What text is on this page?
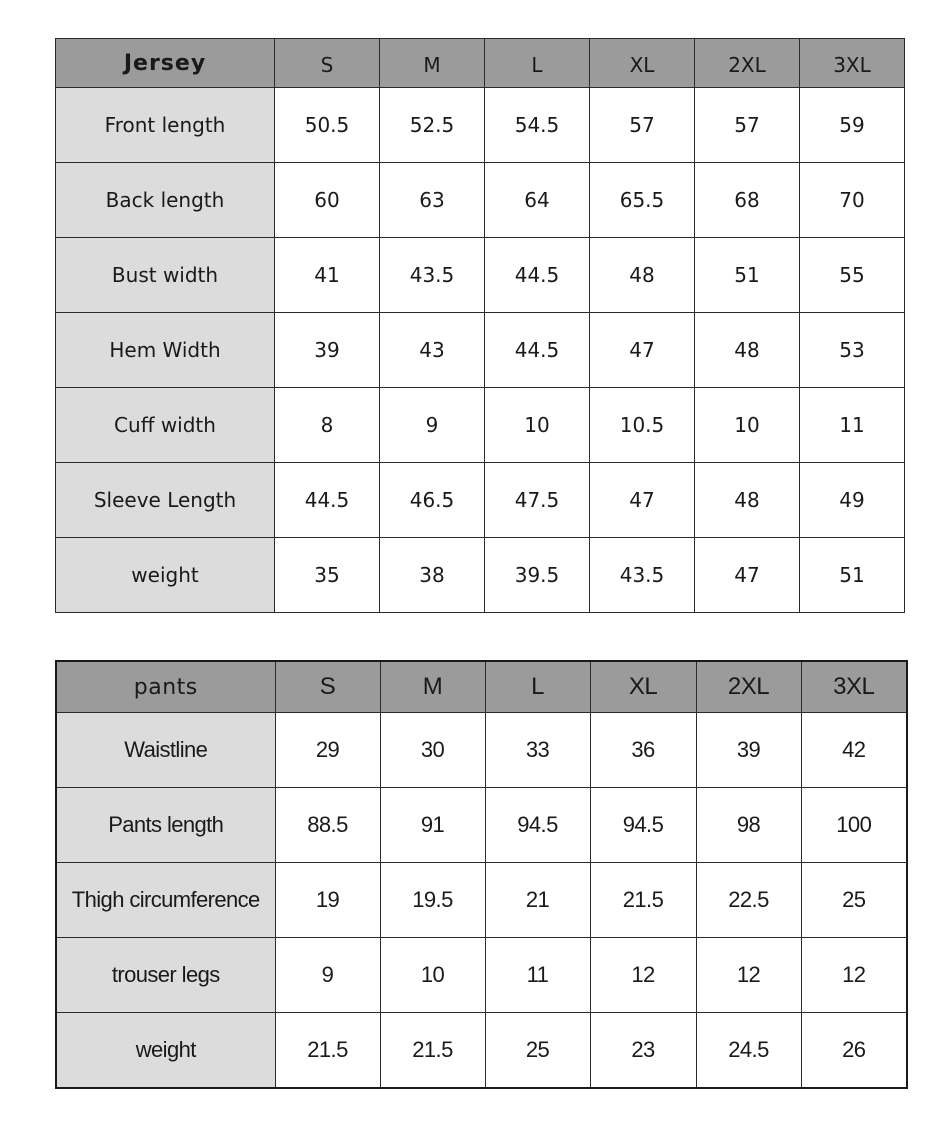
Jersey	S	M	L	XL	2XL	3XL
Front length	50.5	52.5	54.5	57	57	59
Back length	60	63	64	65.5	68	70
Bust width	41	43.5	44.5	48	51	55
Hem Width	39	43	44.5	47	48	53
Cuff width	8	9	10	10.5	10	11
Sleeve Length	44.5	46.5	47.5	47	48	49
weight	35	38	39.5	43.5	47	51
pants	S	M	L	XL	2XL	3XL
Waistline	29	30	33	36	39	42
Pants length	88.5	91	94.5	94.5	98	100
Thigh circumference	19	19.5	21	21.5	22.5	25
trouser legs	9	10	11	12	12	12
weight	21.5	21.5	25	23	24.5	26
